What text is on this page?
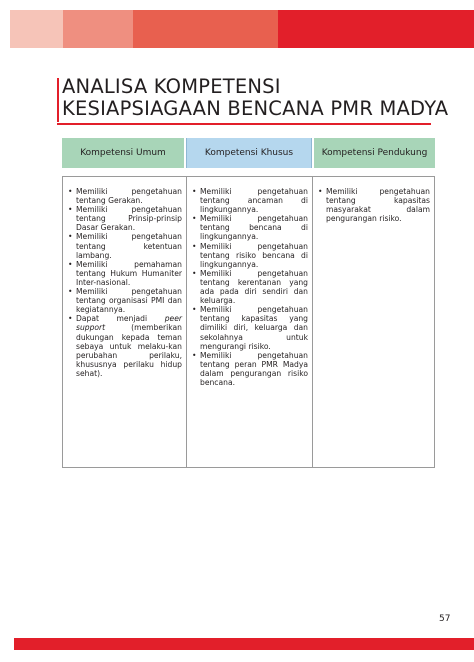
ANALISA KOMPETENSI
KESIAPSIAGAAN BENCANA PMR MADYA
Kompetensi Umum	Kompetensi Khusus	Kompetensi Pendukung
• Memiliki pengetahuan tentang Gerakan.
• Memiliki pengetahuan tentang Prinsip-prinsip Dasar Gerakan.
• Memiliki pengetahuan tentang ketentuan lambang.
• Memiliki pemahaman tentang Hukum Humaniter Inter-nasional.
• Memiliki pengetahuan tentang organisasi PMI dan kegiatannya.
• Dapat menjadi peer support (memberikan dukungan kepada teman sebaya untuk melaku-kan perubahan perilaku, khususnya perilaku hidup sehat).
• Memiliki pengetahuan tentang ancaman di lingkungannya.
• Memiliki pengetahuan tentang bencana di lingkungannya.
• Memiliki pengetahuan tentang risiko bencana di lingkungannya.
• Memiliki pengetahuan tentang kerentanan yang ada pada diri sendiri dan keluarga.
• Memiliki pengetahuan tentang kapasitas yang dimiliki diri, keluarga dan sekolahnya untuk mengurangi risiko.
• Memiliki pengetahuan tentang peran PMR Madya dalam pengurangan risiko bencana.
• Memiliki pengetahuan tentang kapasitas masyarakat dalam pengurangan risiko.
57
